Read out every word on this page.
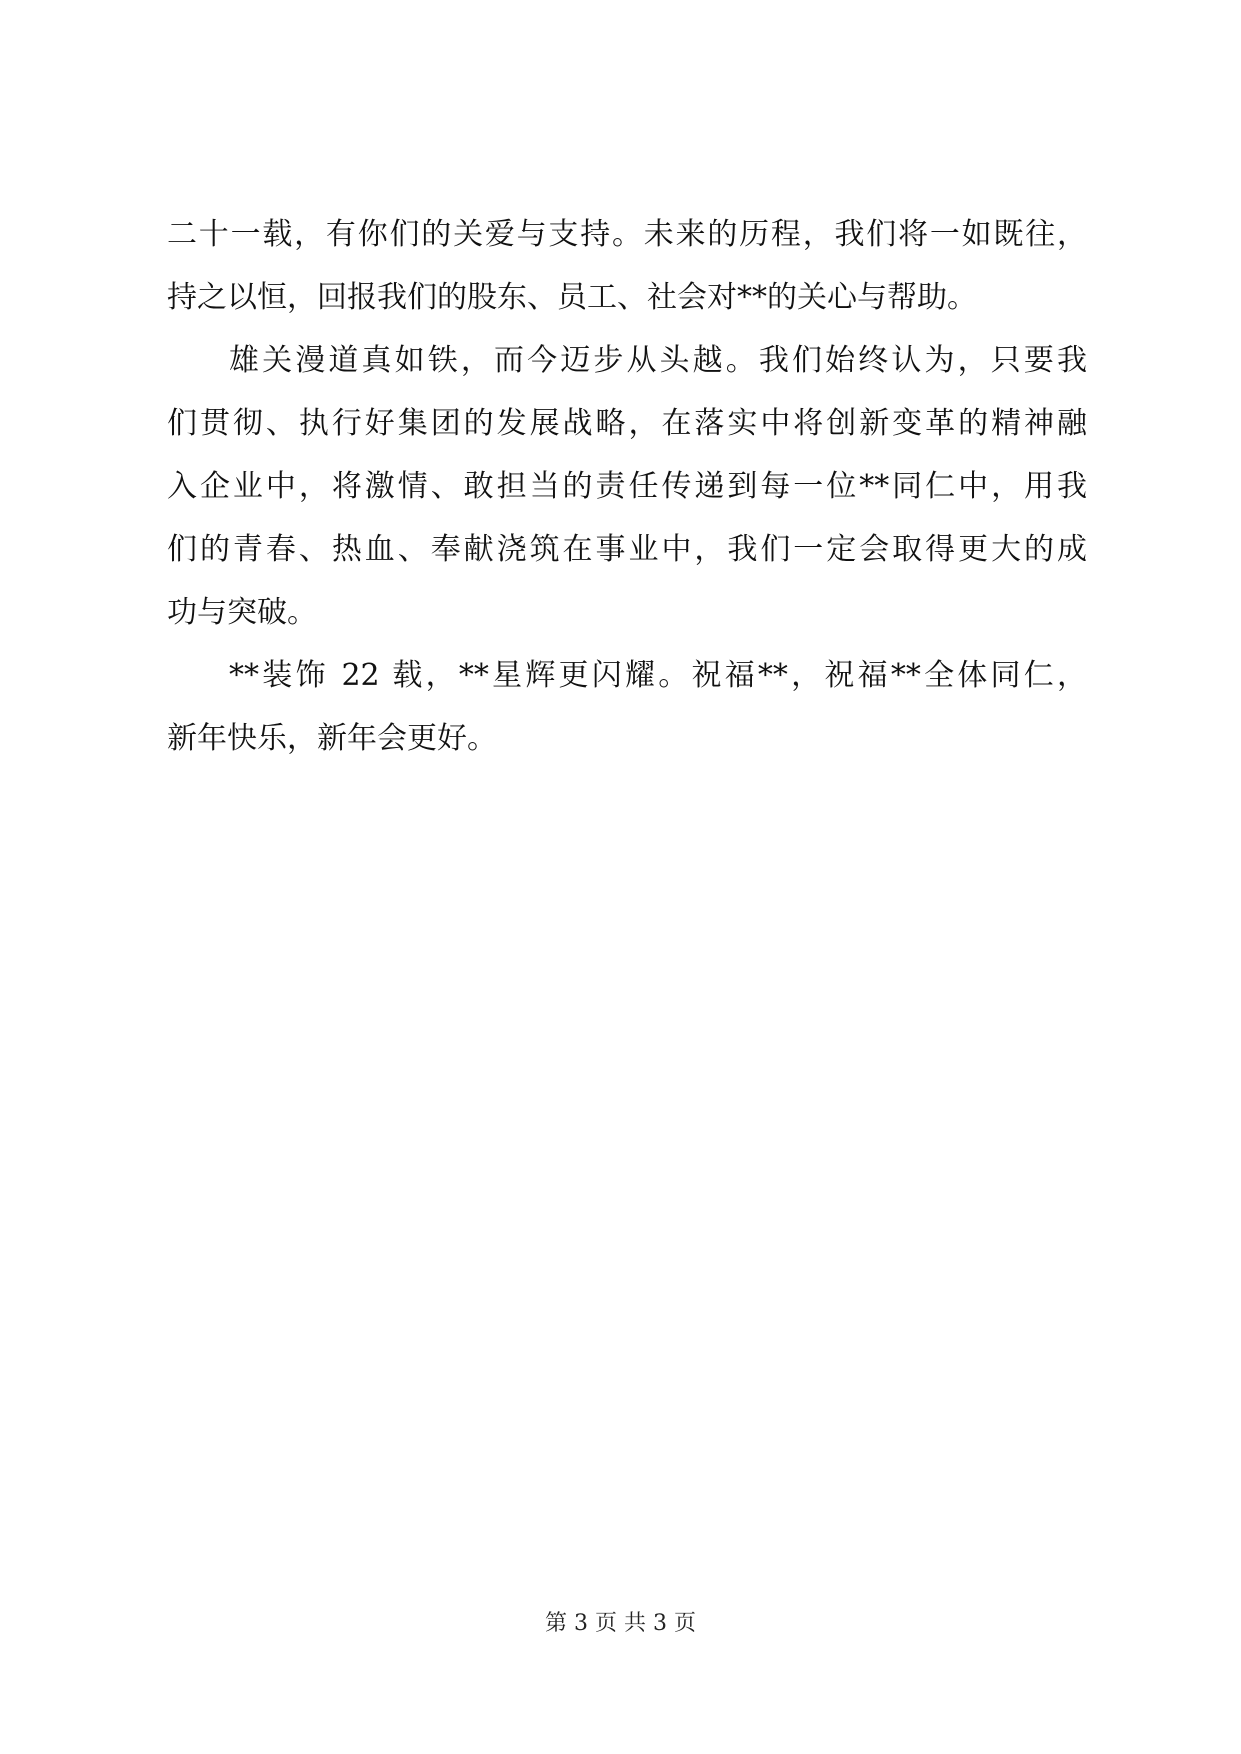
二十一载，有你们的关爱与支持。未来的历程，我们将一如既往，
持之以恒，回报我们的股东、员工、社会对**的关心与帮助。
雄关漫道真如铁，而今迈步从头越。我们始终认为，只要我
们贯彻、执行好集团的发展战略，在落实中将创新变革的精神融
入企业中，将激情、敢担当的责任传递到每一位**同仁中，用我
们的青春、热血、奉献浇筑在事业中，我们一定会取得更大的成
功与突破。
**装饰 22 载，**星辉更闪耀。祝福**，祝福**全体同仁，
新年快乐，新年会更好。
第 3 页 共 3 页
